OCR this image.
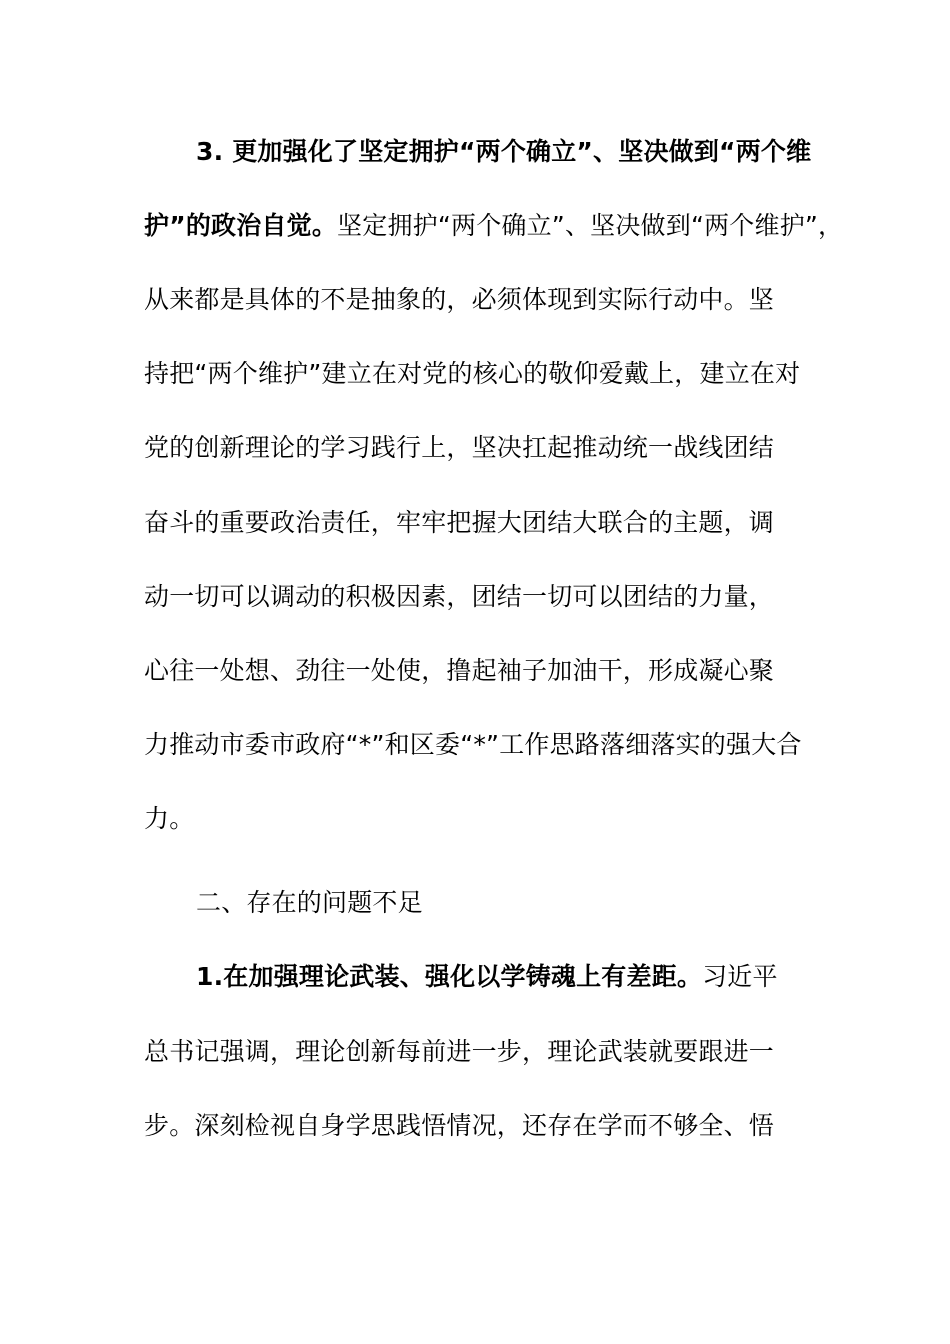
3. 更加强化了坚定拥护“两个确立”、坚决做到“两个维
护”的政治自觉。坚定拥护“两个确立”、坚决做到“两个维护”，
从来都是具体的不是抽象的，必须体现到实际行动中。坚
持把“两个维护”建立在对党的核心的敬仰爱戴上，建立在对
党的创新理论的学习践行上，坚决扛起推动统一战线团结
奋斗的重要政治责任，牢牢把握大团结大联合的主题，调
动一切可以调动的积极因素，团结一切可以团结的力量，
心往一处想、劲往一处使，撸起袖子加油干，形成凝心聚
力推动市委市政府“*”和区委“*”工作思路落细落实的强大合
力。
二、存在的问题不足
1.在加强理论武装、强化以学铸魂上有差距。习近平
总书记强调，理论创新每前进一步，理论武装就要跟进一
步。深刻检视自身学思践悟情况，还存在学而不够全、悟
